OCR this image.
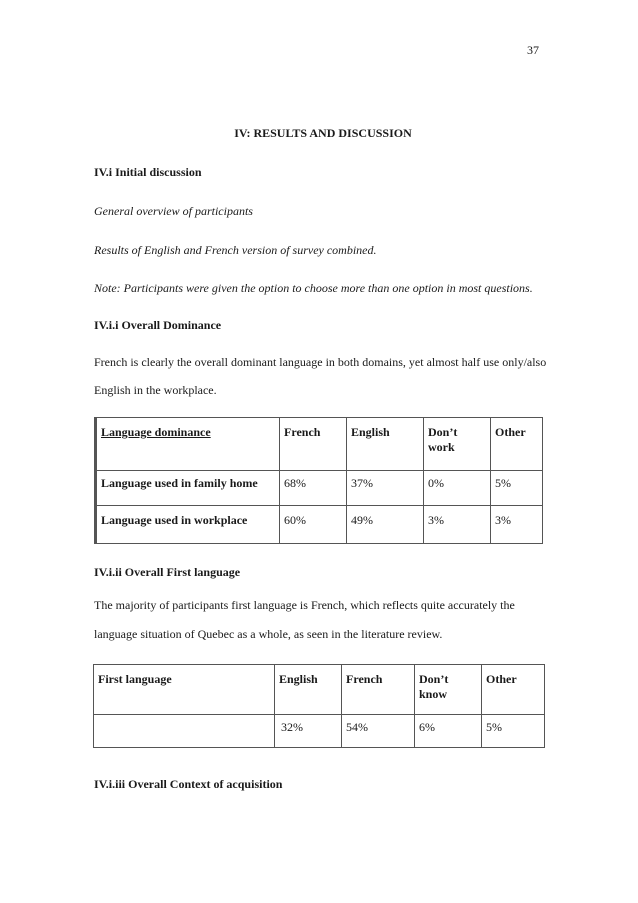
37
IV: RESULTS AND DISCUSSION
IV.i Initial discussion
General overview of participants
Results of English and French version of survey combined.
Note: Participants were given the option to choose more than one option in most questions.
IV.i.i Overall Dominance
French is clearly the overall dominant language in both domains, yet almost half use only/also
English in the workplace.
Language dominance	French	English	Don’t work	Other
Language used in family home	68%	37%	0%	5%
Language used in workplace	60%	49%	3%	3%
IV.i.ii Overall First language
The majority of participants first language is French, which reflects quite accurately the
language situation of Quebec as a whole, as seen in the literature review.
First language	English	French	Don’t know	Other
	32%	54%	6%	5%
IV.i.iii Overall Context of acquisition
